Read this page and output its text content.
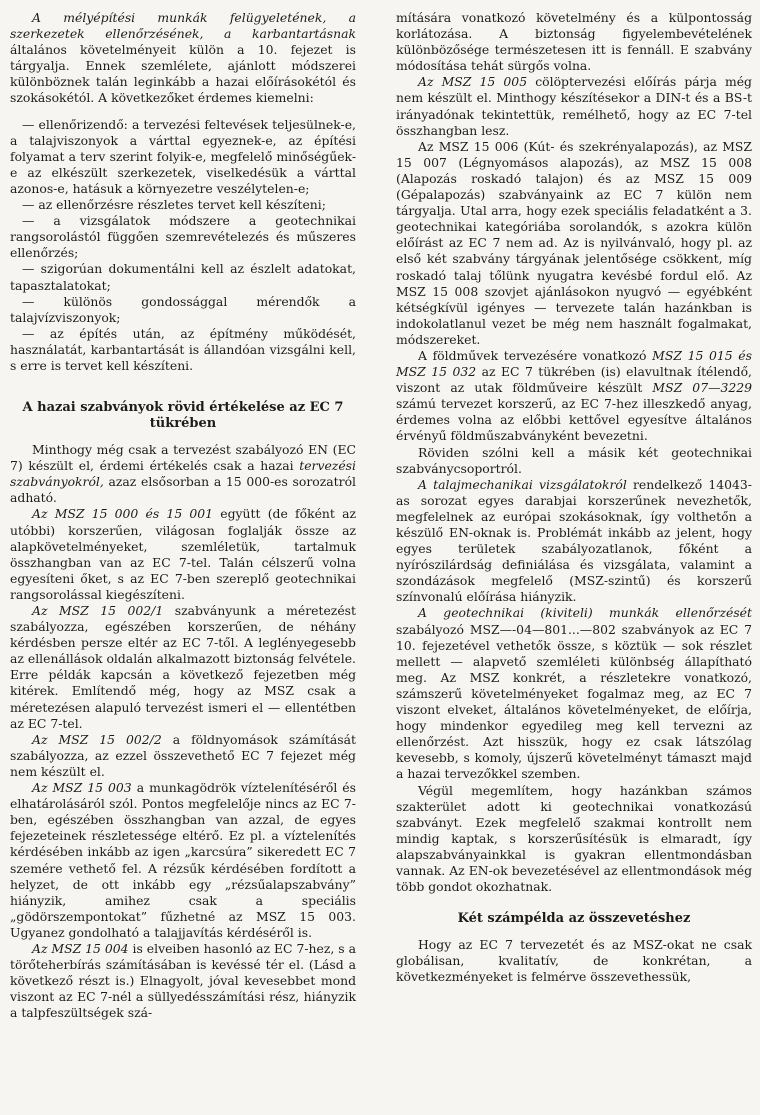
A mélyépítési munkák felügyeletének, a szerkezetek ellenőrzésének, a karbantartásnak általános követelményeit külön a 10. fejezet is tárgyalja. Ennek szemlélete, ajánlott módszerei különböznek talán leginkább a hazai előírásokétól és szokásokétól. A következőket érdemes kiemelni:

— ellenőrizendő: a tervezési feltevések teljesülnek-e, a talajviszonyok a várttal egyeznek-e, az építési folyamat a terv szerint folyik-e, megfelelő minőségűek-e az elkészült szerkezetek, viselkedésük a várttal azonos-e, hatásuk a környezetre veszélytelen-e;

— az ellenőrzésre részletes tervet kell készíteni;

— a vizsgálatok módszere a geotechnikai rangsorolástól függően szemrevételezés és műszeres ellenőrzés;

— szigorúan dokumentálni kell az észlelt adatokat, tapasztalatokat;

— különös gondossággal mérendők a talajvízviszonyok;

— az építés után, az építmény működését, használatát, karbantartását is állandóan vizsgálni kell, s erre is tervet kell készíteni.

A hazai szabványok rövid értékelése az EC 7 tükrében

Minthogy még csak a tervezést szabályozó EN (EC 7) készült el, érdemi értékelés csak a hazai tervezési szabványokról, azaz elsősorban a 15 000-es sorozatról adható.

Az MSZ 15 000 és 15 001 együtt (de főként az utóbbi) korszerűen, világosan foglalják össze az alapkövetelményeket, szemléletük, tartalmuk összhangban van az EC 7-tel. Talán célszerű volna egyesíteni őket, s az EC 7-ben szereplő geotechnikai rangsorolással kiegészíteni.

Az MSZ 15 002/1 szabványunk a méretezést szabályozza, egészében korszerűen, de néhány kérdésben persze eltér az EC 7-től. A leglényegesebb az ellenállások oldalán alkalmazott biztonság felvétele. Erre példák kapcsán a következő fejezetben még kitérek. Említendő még, hogy az MSZ csak a méretezésen alapuló tervezést ismeri el — ellentétben az EC 7-tel.

Az MSZ 15 002/2 a földnyomások számítását szabályozza, az ezzel összevethető EC 7 fejezet még nem készült el.

Az MSZ 15 003 a munkagödrök víztelenítéséről és elhatárolásáról szól. Pontos megfelelője nincs az EC 7-ben, egészében összhangban van azzal, de egyes fejezeteinek részletessége eltérő. Ez pl. a víztelenítés kérdésében inkább az igen „karcsúra” sikeredett EC 7 szemére vethető fel. A rézsűk kérdésében fordított a helyzet, de ott inkább egy „rézsűalapszabvány” hiányzik, amihez csak a speciális „gödörszempontokat” fűzhetné az MSZ 15 003. Ugyanez gondolható a talajjavítás kérdéséről is.

Az MSZ 15 004 is elveiben hasonló az EC 7-hez, s a törőteherbírás számításában is kevéssé tér el. (Lásd a következő részt is.) Elnagyolt, jóval kevesebbet mond viszont az EC 7-nél a süllyedésszámítási rész, hiányzik a talpfeszültségek szá-

mítására vonatkozó követelmény és a külpontosság korlátozása. A biztonság figyelembevételének különbözősége természetesen itt is fennáll. E szabvány módosítása tehát sürgős volna.

Az MSZ 15 005 cölöptervezési előírás párja még nem készült el. Minthogy készítésekor a DIN-t és a BS-t irányadónak tekintettük, remélhető, hogy az EC 7-tel összhangban lesz.

Az MSZ 15 006 (Kút- és szekrényalapozás), az MSZ 15 007 (Légnyomásos alapozás), az MSZ 15 008 (Alapozás roskadó talajon) és az MSZ 15 009 (Gépalapozás) szabványaink az EC 7 külön nem tárgyalja. Utal arra, hogy ezek speciális feladatként a 3. geotechnikai kategóriába sorolandók, s azokra külön előírást az EC 7 nem ad. Az is nyilvánvaló, hogy pl. az első két szabvány tárgyának jelentősége csökkent, míg roskadó talaj tőlünk nyugatra kevésbé fordul elő. Az MSZ 15 008 szovjet ajánlásokon nyugvó — egyébként kétségkívül igényes — tervezete talán hazánkban is indokolatlanul vezet be még nem használt fogalmakat, módszereket.

A földművek tervezésére vonatkozó MSZ 15 015 és MSZ 15 032 az EC 7 tükrében (is) elavultnak ítélendő, viszont az utak földműveire készült MSZ 07—3229 számú tervezet korszerű, az EC 7-hez illeszkedő anyag, érdemes volna az előbbi kettővel egyesítve általános érvényű földműszabványként bevezetni.

Röviden szólni kell a másik két geotechnikai szabványcsoportról.

A talajmechanikai vizsgálatokról rendelkező 14043-as sorozat egyes darabjai korszerűnek nevezhetők, megfelelnek az európai szokásoknak, így volthetőn a készülő EN-oknak is. Problémát inkább az jelent, hogy egyes területek szabályozatlanok, főként a nyírószilárdság definiálása és vizsgálata, valamint a szondázások megfelelő (MSZ-szintű) és korszerű színvonalú előírása hiányzik.

A geotechnikai (kiviteli) munkák ellenőrzését szabályozó MSZ—-04—801...—802 szabványok az EC 7 10. fejezetével vethetők össze, s köztük — sok részlet mellett — alapvető szemléleti különbség állapítható meg. Az MSZ konkrét, a részletekre vonatkozó, számszerű követelményeket fogalmaz meg, az EC 7 viszont elveket, általános követelményeket, de előírja, hogy mindenkor egyedileg meg kell tervezni az ellenőrzést. Azt hisszük, hogy ez csak látszólag kevesebb, s komoly, újszerű követelményt támaszt majd a hazai tervezőkkel szemben.

Végül megemlítem, hogy hazánkban számos szakterület adott ki geotechnikai vonatkozású szabványt. Ezek megfelelő szakmai kontrollt nem mindig kaptak, s korszerűsítésük is elmaradt, így alapszabványainkkal is gyakran ellentmondásban vannak. Az EN-ok bevezetésével az ellentmondások még több gondot okozhatnak.

Két számpélda az összevetéshez

Hogy az EC 7 tervezetét és az MSZ-okat ne csak globálisan, kvalitatív, de konkrétan, a következményeket is felmérve összevethessük,
